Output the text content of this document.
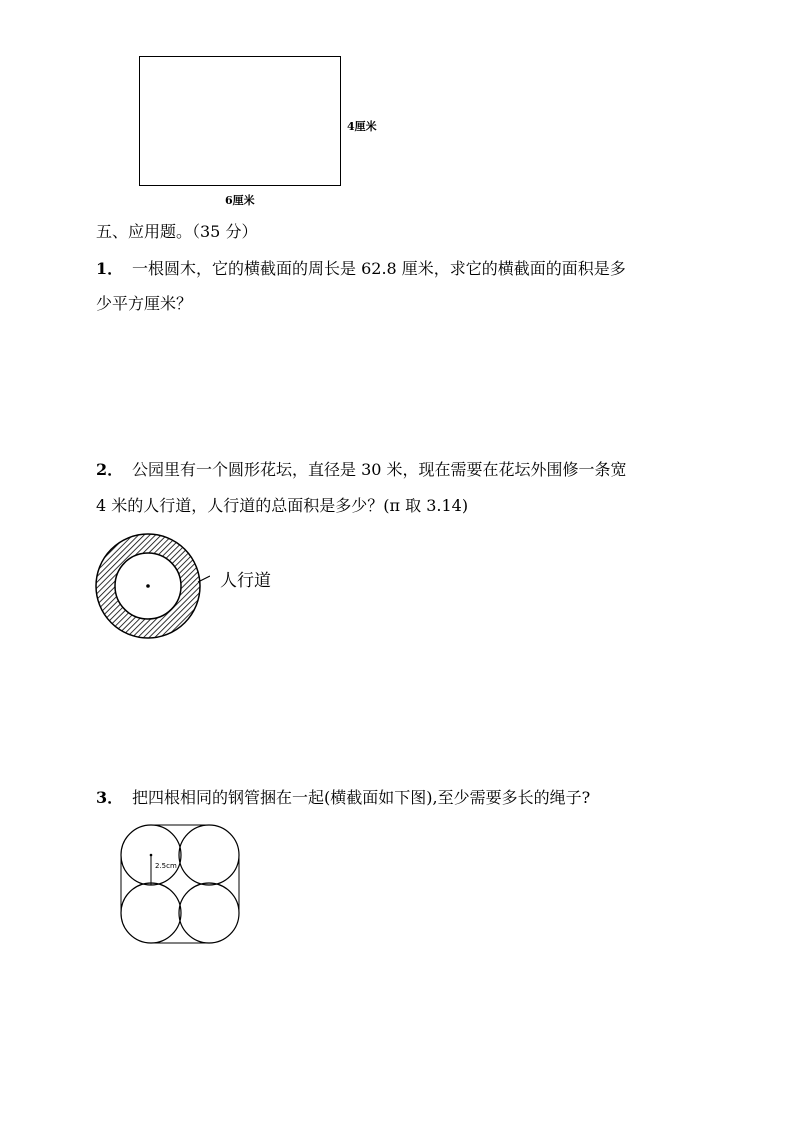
4厘米
6厘米
五、应用题。（35 分）
1． 一根圆木，它的横截面的周长是 62.8 厘米，求它的横截面的面积是多
少平方厘米？
2． 公园里有一个圆形花坛，直径是 30 米，现在需要在花坛外围修一条宽
4 米的人行道，人行道的总面积是多少？(π 取 3.14)
人行道
3． 把四根相同的钢管捆在一起(横截面如下图),至少需要多长的绳子?
2.5cm
